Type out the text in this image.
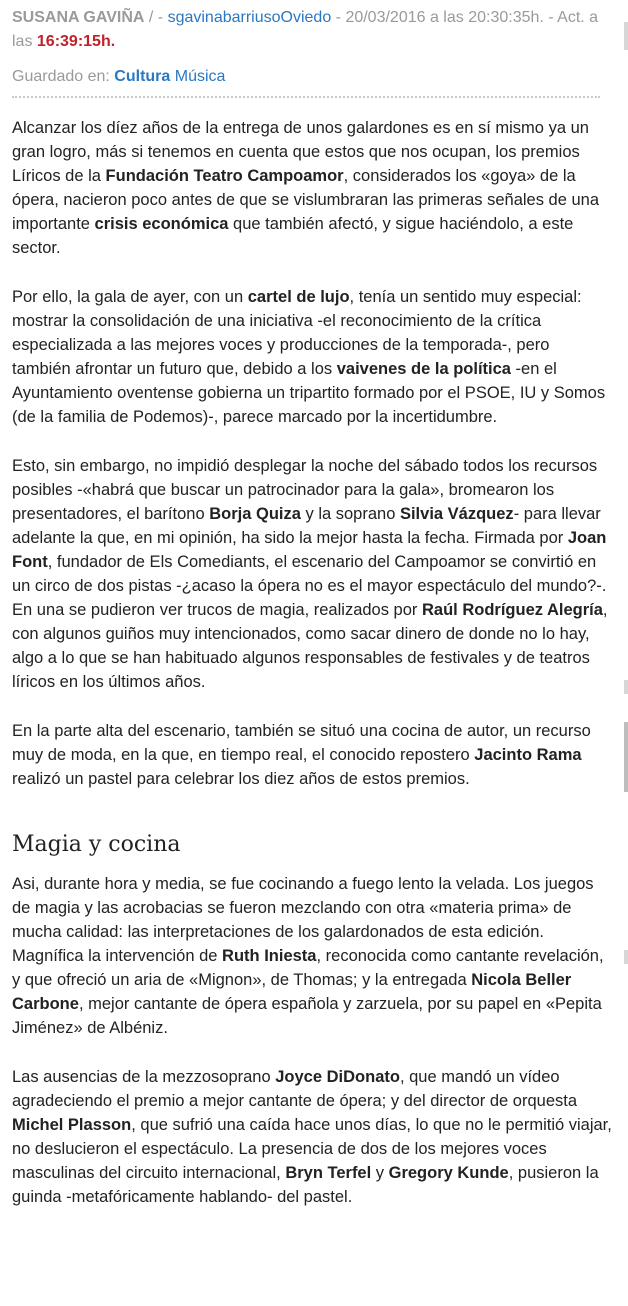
SUSANA GAVIÑA / - sgavinabarriusoOviedo - 20/03/2016 a las 20:30:35h. - Act. a las 16:39:15h.
Guardado en: Cultura Música

Alcanzar los díez años de la entrega de unos galardones es en sí mismo ya un gran logro, más si tenemos en cuenta que estos que nos ocupan, los premios Líricos de la Fundación Teatro Campoamor, considerados los «goya» de la ópera, nacieron poco antes de que se vislumbraran las primeras señales de una importante crisis económica que también afectó, y sigue haciéndolo, a este sector.

Por ello, la gala de ayer, con un cartel de lujo, tenía un sentido muy especial: mostrar la consolidación de una iniciativa -el reconocimiento de la crítica especializada a las mejores voces y producciones de la temporada-, pero también afrontar un futuro que, debido a los vaivenes de la política -en el Ayuntamiento oventense gobierna un tripartito formado por el PSOE, IU y Somos (de la familia de Podemos)-, parece marcado por la incertidumbre.

Esto, sin embargo, no impidió desplegar la noche del sábado todos los recursos posibles -«habrá que buscar un patrocinador para la gala», bromearon los presentadores, el barítono Borja Quiza y la soprano Silvia Vázquez- para llevar adelante la que, en mi opinión, ha sido la mejor hasta la fecha. Firmada por Joan Font, fundador de Els Comediants, el escenario del Campoamor se convirtió en un circo de dos pistas -¿acaso la ópera no es el mayor espectáculo del mundo?-. En una se pudieron ver trucos de magia, realizados por Raúl Rodríguez Alegría, con algunos guiños muy intencionados, como sacar dinero de donde no lo hay, algo a lo que se han habituado algunos responsables de festivales y de teatros líricos en los últimos años.

En la parte alta del escenario, también se situó una cocina de autor, un recurso muy de moda, en la que, en tiempo real, el conocido repostero Jacinto Rama realizó un pastel para celebrar los diez años de estos premios.

Magia y cocina

Asi, durante hora y media, se fue cocinando a fuego lento la velada. Los juegos de magia y las acrobacias se fueron mezclando con otra «materia prima» de mucha calidad: las interpretaciones de los galardonados de esta edición. Magnífica la intervención de Ruth Iniesta, reconocida como cantante revelación, y que ofreció un aria de «Mignon», de Thomas; y la entregada Nicola Beller Carbone, mejor cantante de ópera española y zarzuela, por su papel en «Pepita Jiménez» de Albéniz.

Las ausencias de la mezzosoprano Joyce DiDonato, que mandó un vídeo agradeciendo el premio a mejor cantante de ópera; y del director de orquesta Michel Plasson, que sufrió una caída hace unos días, lo que no le permitió viajar, no deslucieron el espectáculo. La presencia de dos de los mejores voces masculinas del circuito internacional, Bryn Terfel y Gregory Kunde, pusieron la guinda -metafóricamente hablando- del pastel.
